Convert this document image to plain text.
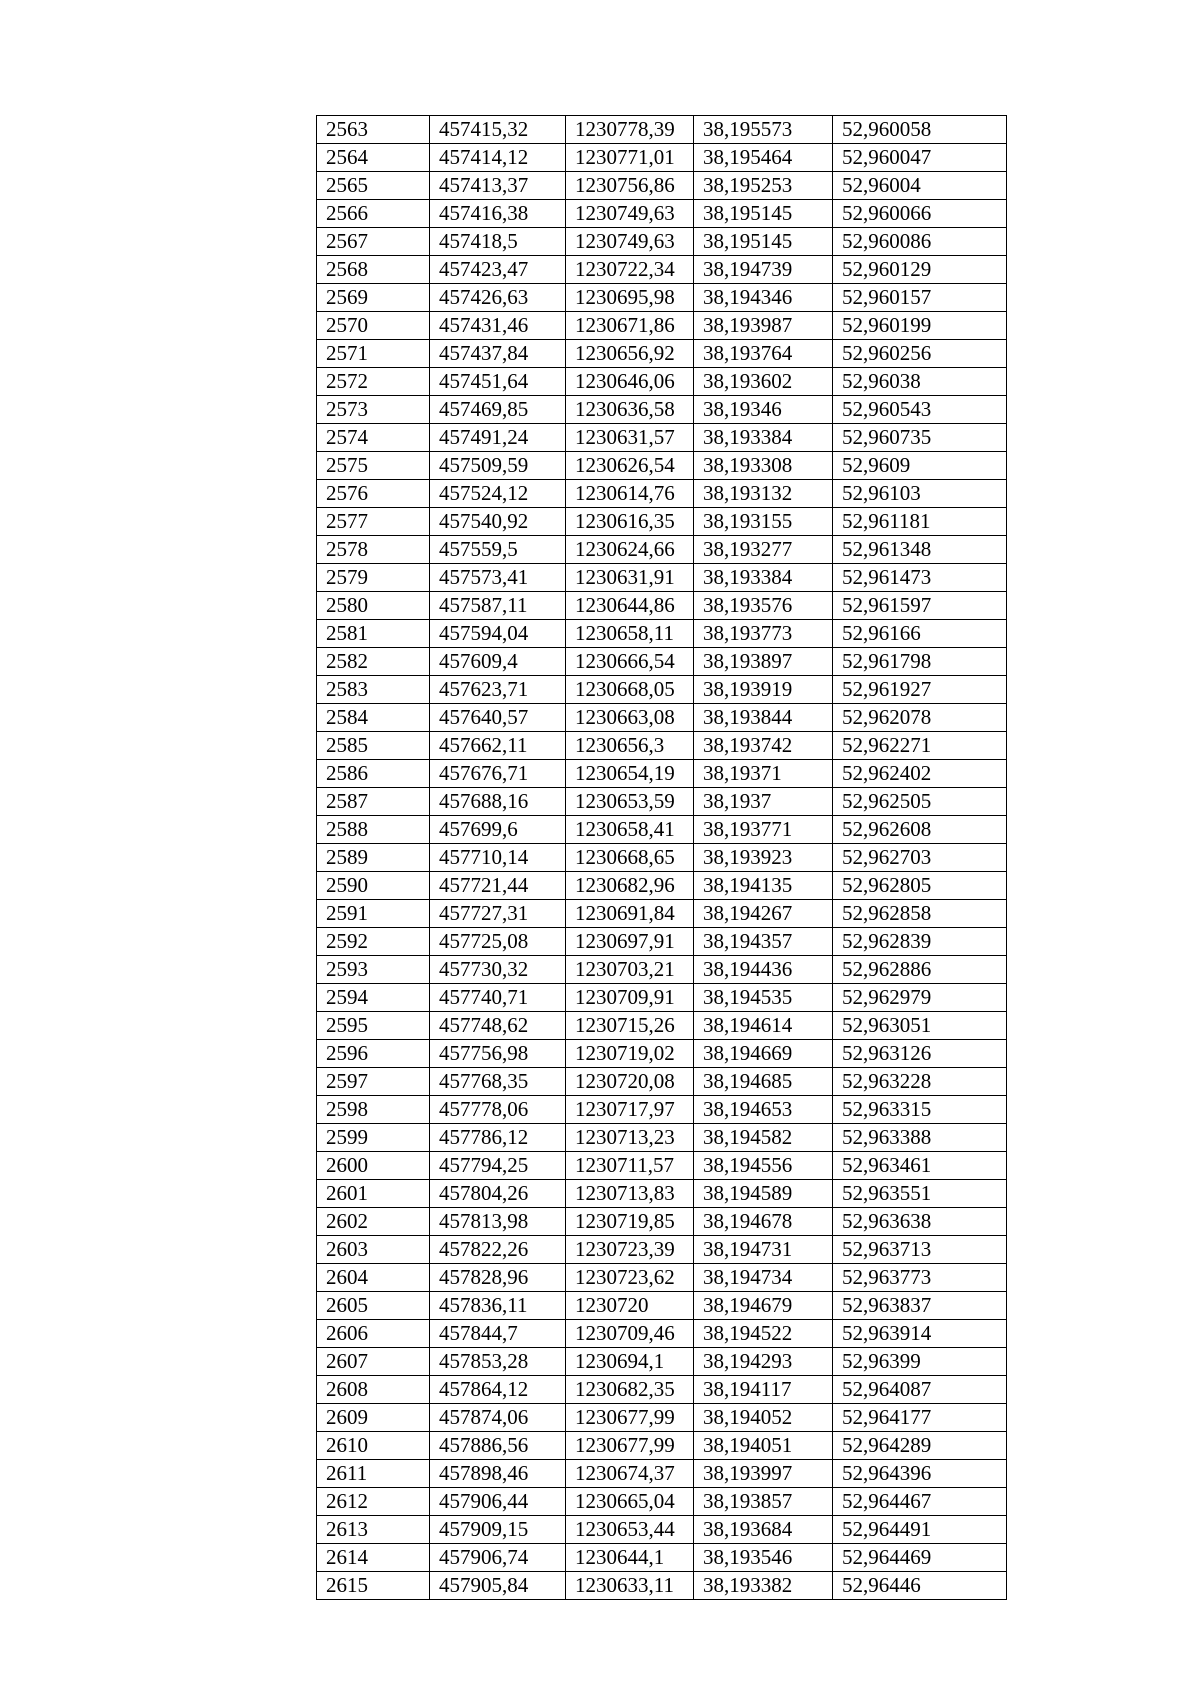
2563	457415,32	1230778,39	38,195573	52,960058
2564	457414,12	1230771,01	38,195464	52,960047
2565	457413,37	1230756,86	38,195253	52,96004
2566	457416,38	1230749,63	38,195145	52,960066
2567	457418,5	1230749,63	38,195145	52,960086
2568	457423,47	1230722,34	38,194739	52,960129
2569	457426,63	1230695,98	38,194346	52,960157
2570	457431,46	1230671,86	38,193987	52,960199
2571	457437,84	1230656,92	38,193764	52,960256
2572	457451,64	1230646,06	38,193602	52,96038
2573	457469,85	1230636,58	38,19346	52,960543
2574	457491,24	1230631,57	38,193384	52,960735
2575	457509,59	1230626,54	38,193308	52,9609
2576	457524,12	1230614,76	38,193132	52,96103
2577	457540,92	1230616,35	38,193155	52,961181
2578	457559,5	1230624,66	38,193277	52,961348
2579	457573,41	1230631,91	38,193384	52,961473
2580	457587,11	1230644,86	38,193576	52,961597
2581	457594,04	1230658,11	38,193773	52,96166
2582	457609,4	1230666,54	38,193897	52,961798
2583	457623,71	1230668,05	38,193919	52,961927
2584	457640,57	1230663,08	38,193844	52,962078
2585	457662,11	1230656,3	38,193742	52,962271
2586	457676,71	1230654,19	38,19371	52,962402
2587	457688,16	1230653,59	38,1937	52,962505
2588	457699,6	1230658,41	38,193771	52,962608
2589	457710,14	1230668,65	38,193923	52,962703
2590	457721,44	1230682,96	38,194135	52,962805
2591	457727,31	1230691,84	38,194267	52,962858
2592	457725,08	1230697,91	38,194357	52,962839
2593	457730,32	1230703,21	38,194436	52,962886
2594	457740,71	1230709,91	38,194535	52,962979
2595	457748,62	1230715,26	38,194614	52,963051
2596	457756,98	1230719,02	38,194669	52,963126
2597	457768,35	1230720,08	38,194685	52,963228
2598	457778,06	1230717,97	38,194653	52,963315
2599	457786,12	1230713,23	38,194582	52,963388
2600	457794,25	1230711,57	38,194556	52,963461
2601	457804,26	1230713,83	38,194589	52,963551
2602	457813,98	1230719,85	38,194678	52,963638
2603	457822,26	1230723,39	38,194731	52,963713
2604	457828,96	1230723,62	38,194734	52,963773
2605	457836,11	1230720	38,194679	52,963837
2606	457844,7	1230709,46	38,194522	52,963914
2607	457853,28	1230694,1	38,194293	52,96399
2608	457864,12	1230682,35	38,194117	52,964087
2609	457874,06	1230677,99	38,194052	52,964177
2610	457886,56	1230677,99	38,194051	52,964289
2611	457898,46	1230674,37	38,193997	52,964396
2612	457906,44	1230665,04	38,193857	52,964467
2613	457909,15	1230653,44	38,193684	52,964491
2614	457906,74	1230644,1	38,193546	52,964469
2615	457905,84	1230633,11	38,193382	52,96446
